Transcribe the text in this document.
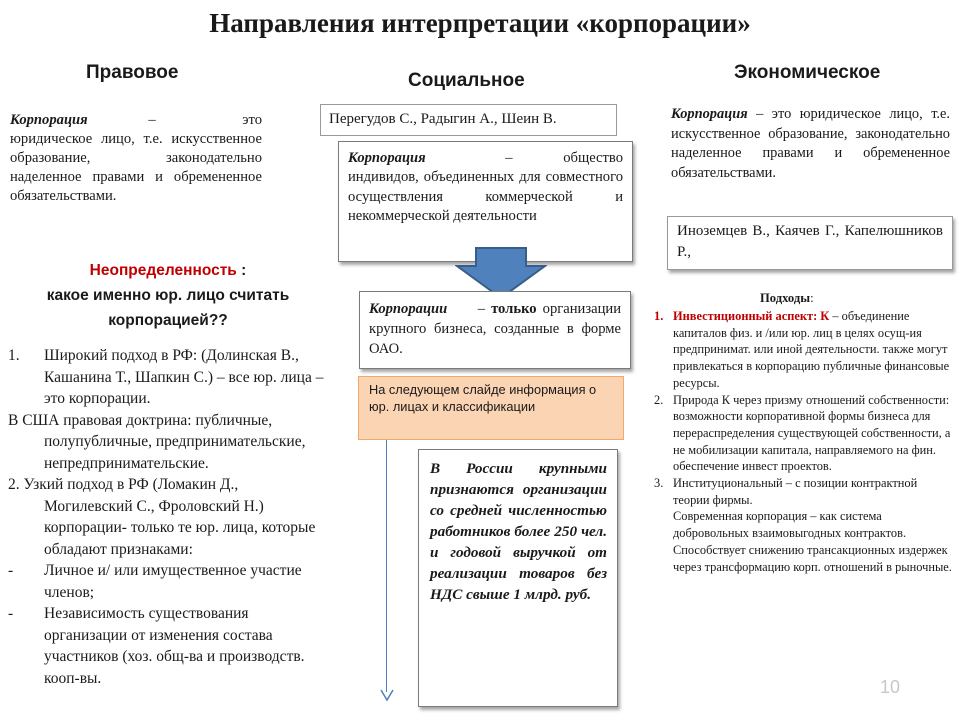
Направления интерпретации «корпорации»
Правовое
Корпорация       –          это юридическое лицо, т.е. искусственное образование, законодательно наделенное правами и обремененное обязательствами.
Неопределенность :
какое именно юр. лицо считать корпорацией??
1. Широкий подход в РФ: (Долинская В., Кашанина Т., Шапкин С.) – все юр. лица – это корпорации.
В США правовая доктрина: публичные,
полупубличные, предпринимательские, непредпринимательские.
2. Узкий подход в РФ (Ломакин Д.,
Могилевский С., Фроловский Н.) корпорации- только те юр. лица, которые обладают признаками:
- Личное и/ или имущественное участие членов;
- Независимость существования организации от изменения состава участников (хоз. общ-ва и производств. кооп-вы.
Социальное
Перегудов С., Радыгин А., Шеин В.
Корпорация           –       общество индивидов, объединенных для совместного осуществления коммерческой и некоммерческой деятельности
Корпорации     – только организации крупного бизнеса, созданные в форме ОАО.
На следующем слайде информация о юр. лицах и классификации
В России крупными признаются организации со средней численностью работников более 250 чел. и годовой выручкой от реализации товаров без НДС свыше 1 млрд. руб.
Экономическое
Корпорация – это юридическое лицо, т.е. искусственное образование, законодательно наделенное правами и обремененное обязательствами.
Иноземцев В., Каячев Г., Капелюшников Р.,
Подходы:
1. Инвестиционный аспект: К – объединение капиталов физ. и /или юр. лиц в целях осущ-ия предпринимат. или иной деятельности. также могут привлекаться в корпорацию публичные финансовые ресурсы.
2. Природа К через призму отношений собственности: возможности корпоративной формы бизнеса для перераспределения существующей собственности, а не мобилизации капитала, направляемого на фин. обеспечение инвест проектов.
3. Институциональный – с позиции контрактной теории фирмы.
Современная корпорация – как система добровольных взаимовыгодных контрактов. Способствует снижению трансакционных издержек через трансформацию корп. отношений в рыночные.
10
